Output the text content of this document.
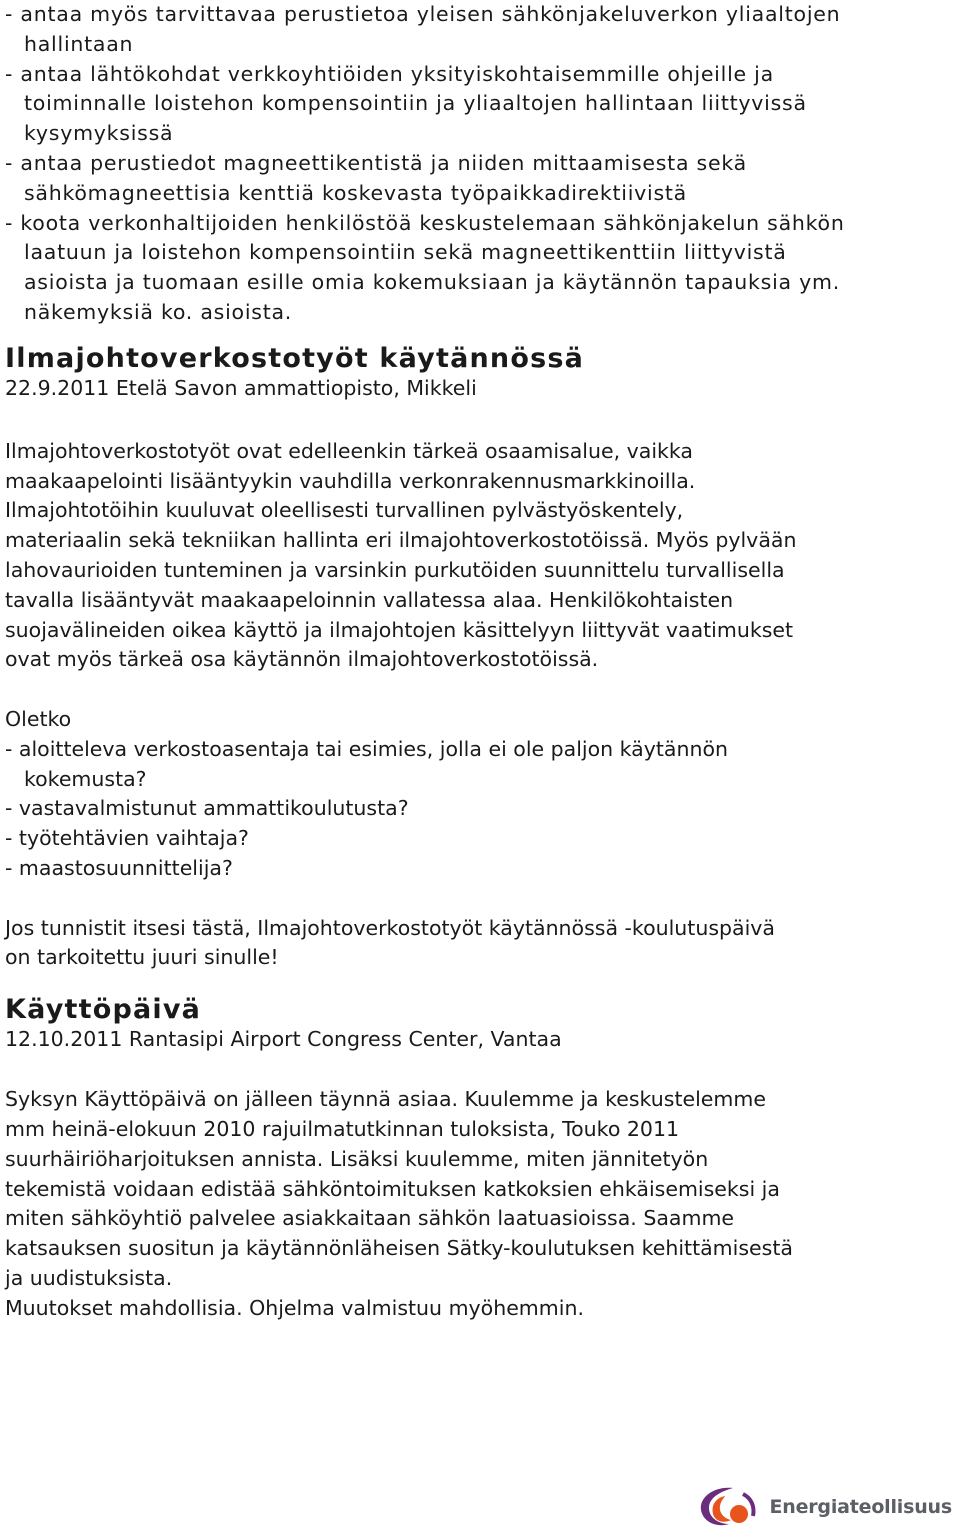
- antaa myös tarvittavaa perustietoa yleisen sähkönjakeluverkon yliaaltojen

hallintaan

- antaa lähtökohdat verkkoyhtiöiden yksityiskohtaisemmille ohjeille ja

toiminnalle loistehon kompensointiin ja yliaaltojen hallintaan liittyvissä

kysymyksissä

- antaa perustiedot magneettikentistä ja niiden mittaamisesta sekä

sähkömagneettisia kenttiä koskevasta työpaikkadirektiivistä

- koota verkonhaltijoiden henkilöstöä keskustelemaan sähkönjakelun sähkön

laatuun ja loistehon kompensointiin sekä magneettikenttiin liittyvistä

asioista ja tuomaan esille omia kokemuksiaan ja käytännön tapauksia ym.

näkemyksiä ko. asioista.

Ilmajohtoverkostotyöt käytännössä

22.9.2011 Etelä Savon ammattiopisto, Mikkeli

Ilmajohtoverkostotyöt ovat edelleenkin tärkeä osaamisalue, vaikka

maakaapelointi lisääntyykin vauhdilla verkonrakennusmarkkinoilla.

Ilmajohtotöihin kuuluvat oleellisesti turvallinen pylvästyöskentely,

materiaalin sekä tekniikan hallinta eri ilmajohtoverkostotöissä. Myös pylvään

lahovaurioiden tunteminen ja varsinkin purkutöiden suunnittelu turvallisella

tavalla lisääntyvät maakaapeloinnin vallatessa alaa. Henkilökohtaisten

suojavälineiden oikea käyttö ja ilmajohtojen käsittelyyn liittyvät vaatimukset

ovat myös tärkeä osa käytännön ilmajohtoverkostotöissä.

Oletko

- aloitteleva verkostoasentaja tai esimies, jolla ei ole paljon käytännön

kokemusta?

- vastavalmistunut ammattikoulutusta?

- työtehtävien vaihtaja?

- maastosuunnittelija?

Jos tunnistit itsesi tästä, Ilmajohtoverkostotyöt käytännössä -koulutuspäivä

on tarkoitettu juuri sinulle!

Käyttöpäivä

12.10.2011 Rantasipi Airport Congress Center, Vantaa

Syksyn Käyttöpäivä on jälleen täynnä asiaa. Kuulemme ja keskustelemme

mm heinä-elokuun 2010 rajuilmatutkinnan tuloksista, Touko 2011

suurhäiriöharjoituksen annista. Lisäksi kuulemme, miten jännitetyön

tekemistä voidaan edistää sähköntoimituksen katkoksien ehkäisemiseksi ja

miten sähköyhtiö palvelee asiakkaitaan sähkön laatuasioissa. Saamme

katsauksen suositun ja käytännönläheisen Sätky-koulutuksen kehittämisestä

ja uudistuksista.

Muutokset mahdollisia. Ohjelma valmistuu myöhemmin.

Energiateollisuus
